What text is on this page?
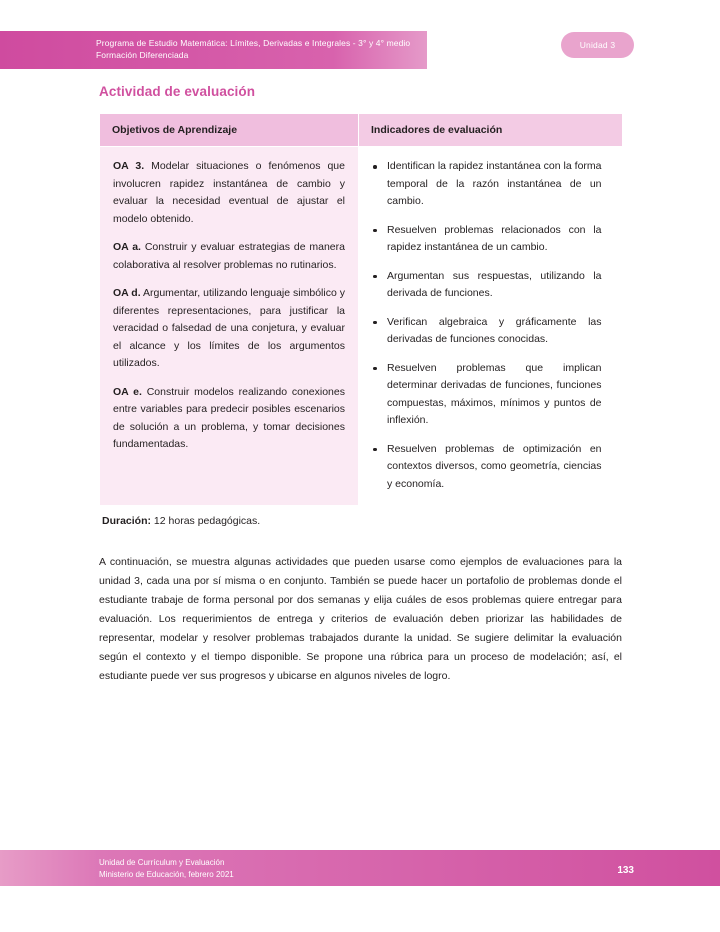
Programa de Estudio Matemática: Límites, Derivadas e Integrales - 3° y 4° medio
Formación Diferenciada
Unidad 3
Actividad de evaluación
Objetivos de Aprendizaje	Indicadores de evaluación

OA 3. Modelar situaciones o fenómenos que involucren rapidez instantánea de cambio y evaluar la necesidad eventual de ajustar el modelo obtenido.

OA a. Construir y evaluar estrategias de manera colaborativa al resolver problemas no rutinarios.

OA d. Argumentar, utilizando lenguaje simbólico y diferentes representaciones, para justificar la veracidad o falsedad de una conjetura, y evaluar el alcance y los límites de los argumentos utilizados.

OA e. Construir modelos realizando conexiones entre variables para predecir posibles escenarios de solución a un problema, y tomar decisiones fundamentadas.

Identifican la rapidez instantánea con la forma temporal de la razón instantánea de un cambio.
Resuelven problemas relacionados con la rapidez instantánea de un cambio.
Argumentan sus respuestas, utilizando la derivada de funciones.
Verifican algebraica y gráficamente las derivadas de funciones conocidas.
Resuelven problemas que implican determinar derivadas de funciones, funciones compuestas, máximos, mínimos y puntos de inflexión.
Resuelven problemas de optimización en contextos diversos, como geometría, ciencias y economía.

Duración: 12 horas pedagógicas.

A continuación, se muestra algunas actividades que pueden usarse como ejemplos de evaluaciones para la unidad 3, cada una por sí misma o en conjunto. También se puede hacer un portafolio de problemas donde el estudiante trabaje de forma personal por dos semanas y elija cuáles de esos problemas quiere entregar para evaluación. Los requerimientos de entrega y criterios de evaluación deben priorizar las habilidades de representar, modelar y resolver problemas trabajados durante la unidad. Se sugiere delimitar la evaluación según el contexto y el tiempo disponible. Se propone una rúbrica para un proceso de modelación; así, el estudiante puede ver sus progresos y ubicarse en algunos niveles de logro.

Unidad de Currículum y Evaluación
Ministerio de Educación, febrero 2021	133
